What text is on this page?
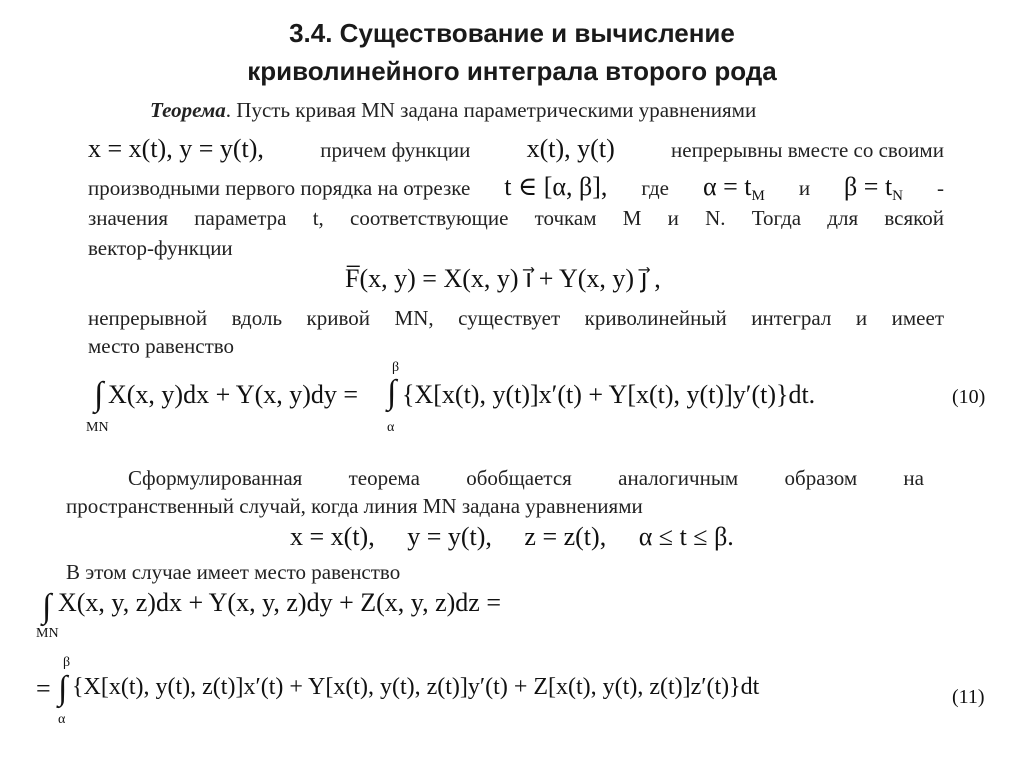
3.4. Существование и вычисление
криволинейного интеграла второго рода
Теорема. Пусть кривая MN задана параметрическими уравнениями
x = x(t), y = y(t),	причем функции x(t), y(t)	непрерывны вместе со своими
производными первого порядка на отрезке t ∈ [α, β], где $\alpha = t_M$ и $\beta = t_N$ -
значения параметра t, соответствующие точкам M и N. Тогда для всякой
вектор-функции
F̅(x, y) = X(x, y) i⃗ + Y(x, y) j⃗ ,
непрерывной вдоль кривой MN, существует криволинейный интеграл и имеет
место равенство
∫
MN
X(x, y)dx + Y(x, y)dy =
β
∫
α
{X[x(t), y(t)]x′(t) + Y[x(t), y(t)]y′(t)}dt.	(10)
Сформулированная теорема обобщается аналогичным образом на
пространственный случай, когда линия MN задана уравнениями
x = x(t),     y = y(t),     z = z(t),     α ≤ t ≤ β.
В этом случае имеет место равенство
∫
MN
X(x, y, z)dx + Y(x, y, z)dy + Z(x, y, z)dz =
=
β
∫
α
{X[x(t), y(t), z(t)]x′(t) + Y[x(t), y(t), z(t)]y′(t) + Z[x(t), y(t), z(t)]z′(t)}dt	(11)
